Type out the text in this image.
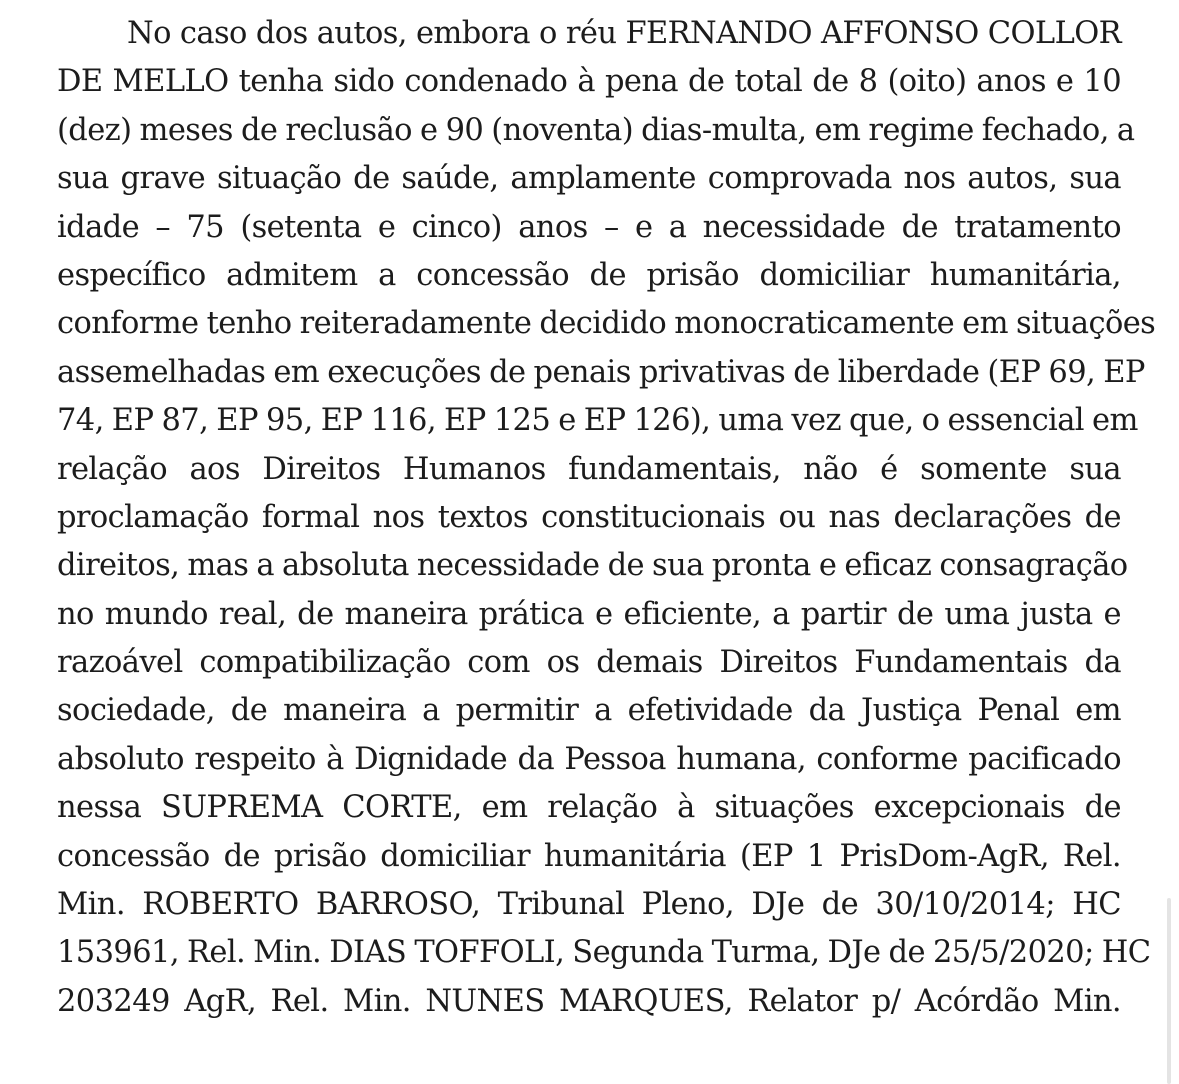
No caso dos autos, embora o réu FERNANDO AFFONSO COLLOR
DE MELLO tenha sido condenado à pena de total de 8 (oito) anos e 10
(dez) meses de reclusão e 90 (noventa) dias-multa, em regime fechado, a
sua grave situação de saúde, amplamente comprovada nos autos, sua
idade – 75 (setenta e cinco) anos – e a necessidade de tratamento
específico admitem a concessão de prisão domiciliar humanitária,
conforme tenho reiteradamente decidido monocraticamente em situações
assemelhadas em execuções de penais privativas de liberdade (EP 69, EP
74, EP 87, EP 95, EP 116, EP 125 e EP 126), uma vez que, o essencial em
relação aos Direitos Humanos fundamentais, não é somente sua
proclamação formal nos textos constitucionais ou nas declarações de
direitos, mas a absoluta necessidade de sua pronta e eficaz consagração
no mundo real, de maneira prática e eficiente, a partir de uma justa e
razoável compatibilização com os demais Direitos Fundamentais da
sociedade, de maneira a permitir a efetividade da Justiça Penal em
absoluto respeito à Dignidade da Pessoa humana, conforme pacificado
nessa SUPREMA CORTE, em relação à situações excepcionais de
concessão de prisão domiciliar humanitária (EP 1 PrisDom-AgR, Rel.
Min. ROBERTO BARROSO, Tribunal Pleno, DJe de 30/10/2014; HC
153961, Rel. Min. DIAS TOFFOLI, Segunda Turma, DJe de 25/5/2020; HC
203249 AgR, Rel. Min. NUNES MARQUES, Relator p/ Acórdão Min.
